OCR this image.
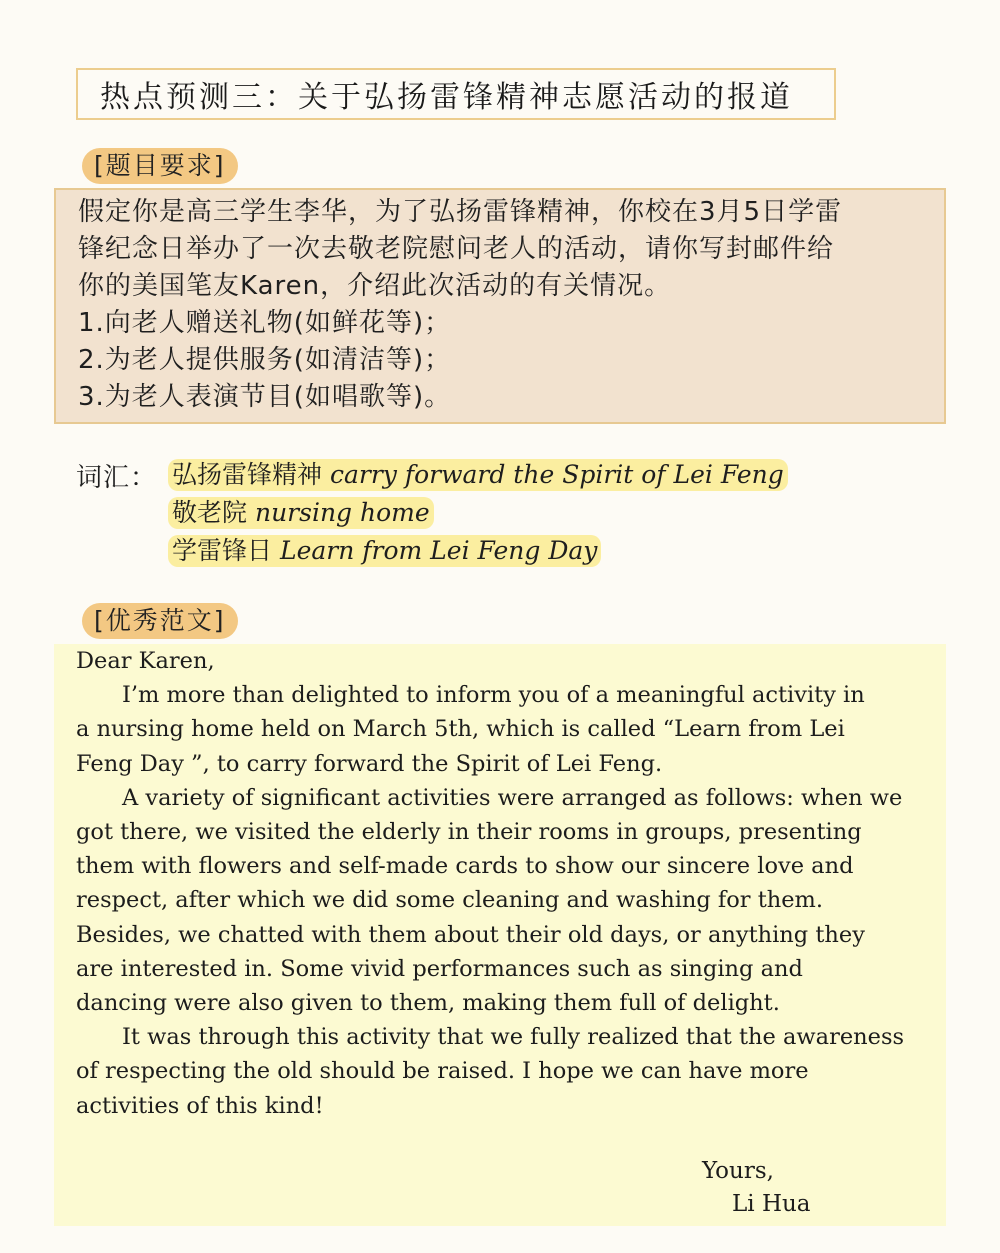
热点预测三：关于弘扬雷锋精神志愿活动的报道
[题目要求]
假定你是高三学生李华，为了弘扬雷锋精神，你校在3月5日学雷
锋纪念日举办了一次去敬老院慰问老人的活动，请你写封邮件给
你的美国笔友Karen，介绍此次活动的有关情况。
1.向老人赠送礼物(如鲜花等)；
2.为老人提供服务(如清洁等)；
3.为老人表演节目(如唱歌等)。
词汇： 弘扬雷锋精神 carry forward the Spirit of Lei Feng
敬老院 nursing home
学雷锋日 Learn from Lei Feng Day
[优秀范文]
Dear Karen,
I’m more than delighted to inform you of a meaningful activity in
a nursing home held on March 5th, which is called “Learn from Lei
Feng Day ”, to carry forward the Spirit of Lei Feng.
A variety of significant activities were arranged as follows: when we
got there, we visited the elderly in their rooms in groups, presenting
them with flowers and self-made cards to show our sincere love and
respect, after which we did some cleaning and washing for them.
Besides, we chatted with them about their old days, or anything they
are interested in. Some vivid performances such as singing and
dancing were also given to them, making them full of delight.
It was through this activity that we fully realized that the awareness
of respecting the old should be raised. I hope we can have more
activities of this kind!
Yours,
Li Hua
